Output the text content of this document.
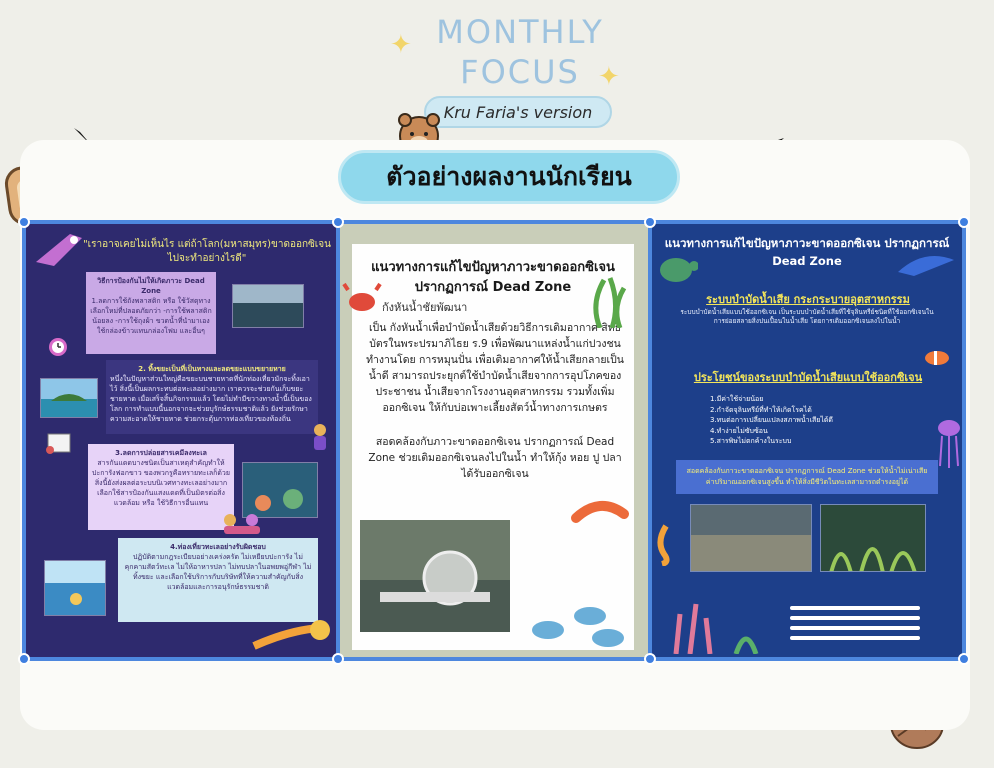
✦
✦
MONTHLY
FOCUS
Kru Faria's version
ตัวอย่างผลงานนักเรียน
"เราอาจเคยไม่เห็นไร แต่ถ้าโลก(มหาสมุทร)ขาดออกซิเจนไปจะทำอย่างไรดี"
วิธีการป้องกันไม่ให้เกิดภาวะ Dead Zone
1.ลดการใช้ถังพลาสติก หรือ ใช้วัสดุทางเลือกใหม่ที่ปลอดภัยกว่า -การใช้พลาสติกน้อยลง -การใช้ถุงผ้า ขวดน้ำที่นำมาเอง ใช้กล่องข้าวแทนกล่องโฟม และอื่นๆ
2. ทิ้งขยะเป็นที่เป็นทางและลดขยะแบบขยายหาย
หนึ่งในปัญหาส่วนใหญ่คือขยะบนชายหาดที่นักท่องเที่ยวมักจะทิ้งเอาไว้ สิ่งนี้เป็นผลกระทบต่อทะเลอย่างมาก เราควรจะช่วยกันเก็บขยะชายหาด เมื่อเสร็จสิ้นกิจกรรมแล้ว โดยไม่ทำมีขวางทางน้ำนี้เป็นของโลก การทำแบบนี้นอกจากจะช่วยบุรักษ์ธรรมชาติแล้ว ยังช่วยรักษาความสะอาดให้ชายหาด ช่วยกระตุ้นการท่องเที่ยวของท้องถิ่น
3.ลดการปล่อยสารเคมีลงทะเล
สารกันแดดบางชนิดเป็นสาเหตุสำคัญทำให้ปะการังฟอกขาว ของพวกรูคือทรายทะเลก็ด้วย สิ่งนี้ยังส่งผลต่อระบบนิเวศทางทะเลอย่างมาก เลือกใช้สารป้องกันแสงแดดที่เป็นมิตรต่อสิ่งแวดล้อม หรือ ใช้วิธีการอื่นแทน
4.ท่องเที่ยวทะเลอย่างรับผิดชอบ
ปฏิบัติตามกฎระเบียบอย่างเคร่งครัด ไม่เหยียบปะการัง ไม่คุกคามสัตว์ทะเล ไม่ให้อาหารปลา ไม่ทบปลาในอพยพอู่กีฬา ไม่ทิ้งขยะ และเลือกใช้บริการกับบริษัทที่ให้ความสำคัญกับสิ่งแวดล้อมและการอนุรักษ์ธรรมชาติ
แนวทางการแก้ไขปัญหาภาวะขาดออกซิเจน ปรากฏการณ์ Dead Zone
กังหันน้ำชัยพัฒนา
เป็น กังหันน้ำเพื่อบำบัดน้ำเสียด้วยวิธีการเติมอากาศ สิทธิบัตรในพระปรมาภิไธย ร.9 เพื่อพัฒนาแหล่งน้ำแก่ปวงชน ทำงานโดย การหมุนปั่น เพื่อเติมอากาศให้น้ำเสียกลายเป็นน้ำดี สามารถประยุกต์ใช้บำบัดน้ำเสียจากการอุปโภคของประชาชน น้ำเสียจากโรงงานอุตสาหกรรม รวมทั้งเพิ่มออกซิเจน ให้กับบ่อเพาะเลี้ยงสัตว์น้ำทางการเกษตร
สอดคล้องกับภาวะขาดออกซิเจน ปรากฏการณ์ Dead Zone ช่วยเติมออกซิเจนลงไปในน้ำ ทำให้กุ้ง หอย ปู ปลา ได้รับออกซิเจน
แนวทางการแก้ไขปัญหาภาวะขาดออกซิเจน ปรากฏการณ์ Dead Zone
ระบบบำบัดน้ำเสีย กระกระบายอุตสาหกรรม
ระบบบำบัดน้ำเสียแบบใช้ออกซิเจน เป็นระบบบำบัดน้ำเสียที่ใช้จุลินทรีย์ชนิดที่ใช้ออกซิเจนในการย่อยสลายสิ่งปนเปื้อนในน้ำเสีย โดยการเติมออกซิเจนลงไปในน้ำ
ประโยชน์ของระบบบำบัดน้ำเสียแบบใช้ออกซิเจน
1.มีค่าใช้จ่ายน้อย
2.กำจัดจุลินทรีย์ที่ทำให้เกิดโรคได้
3.ทนต่อการเปลี่ยนแปลงสภาพน้ำเสียได้ดี
4.ทำง่ายไม่ซับซ้อน
5.สารพิษไม่ตกค้างในระบบ
สอดคล้องกับภาวะขาดออกซิเจน ปรากฏการณ์ Dead Zone ช่วยให้น้ำไม่เน่าเสีย ค่าปริมาณออกซิเจนสูงขึ้น ทำให้สิ่งมีชีวิตในทะเลสามารถดำรงอยู่ได้
